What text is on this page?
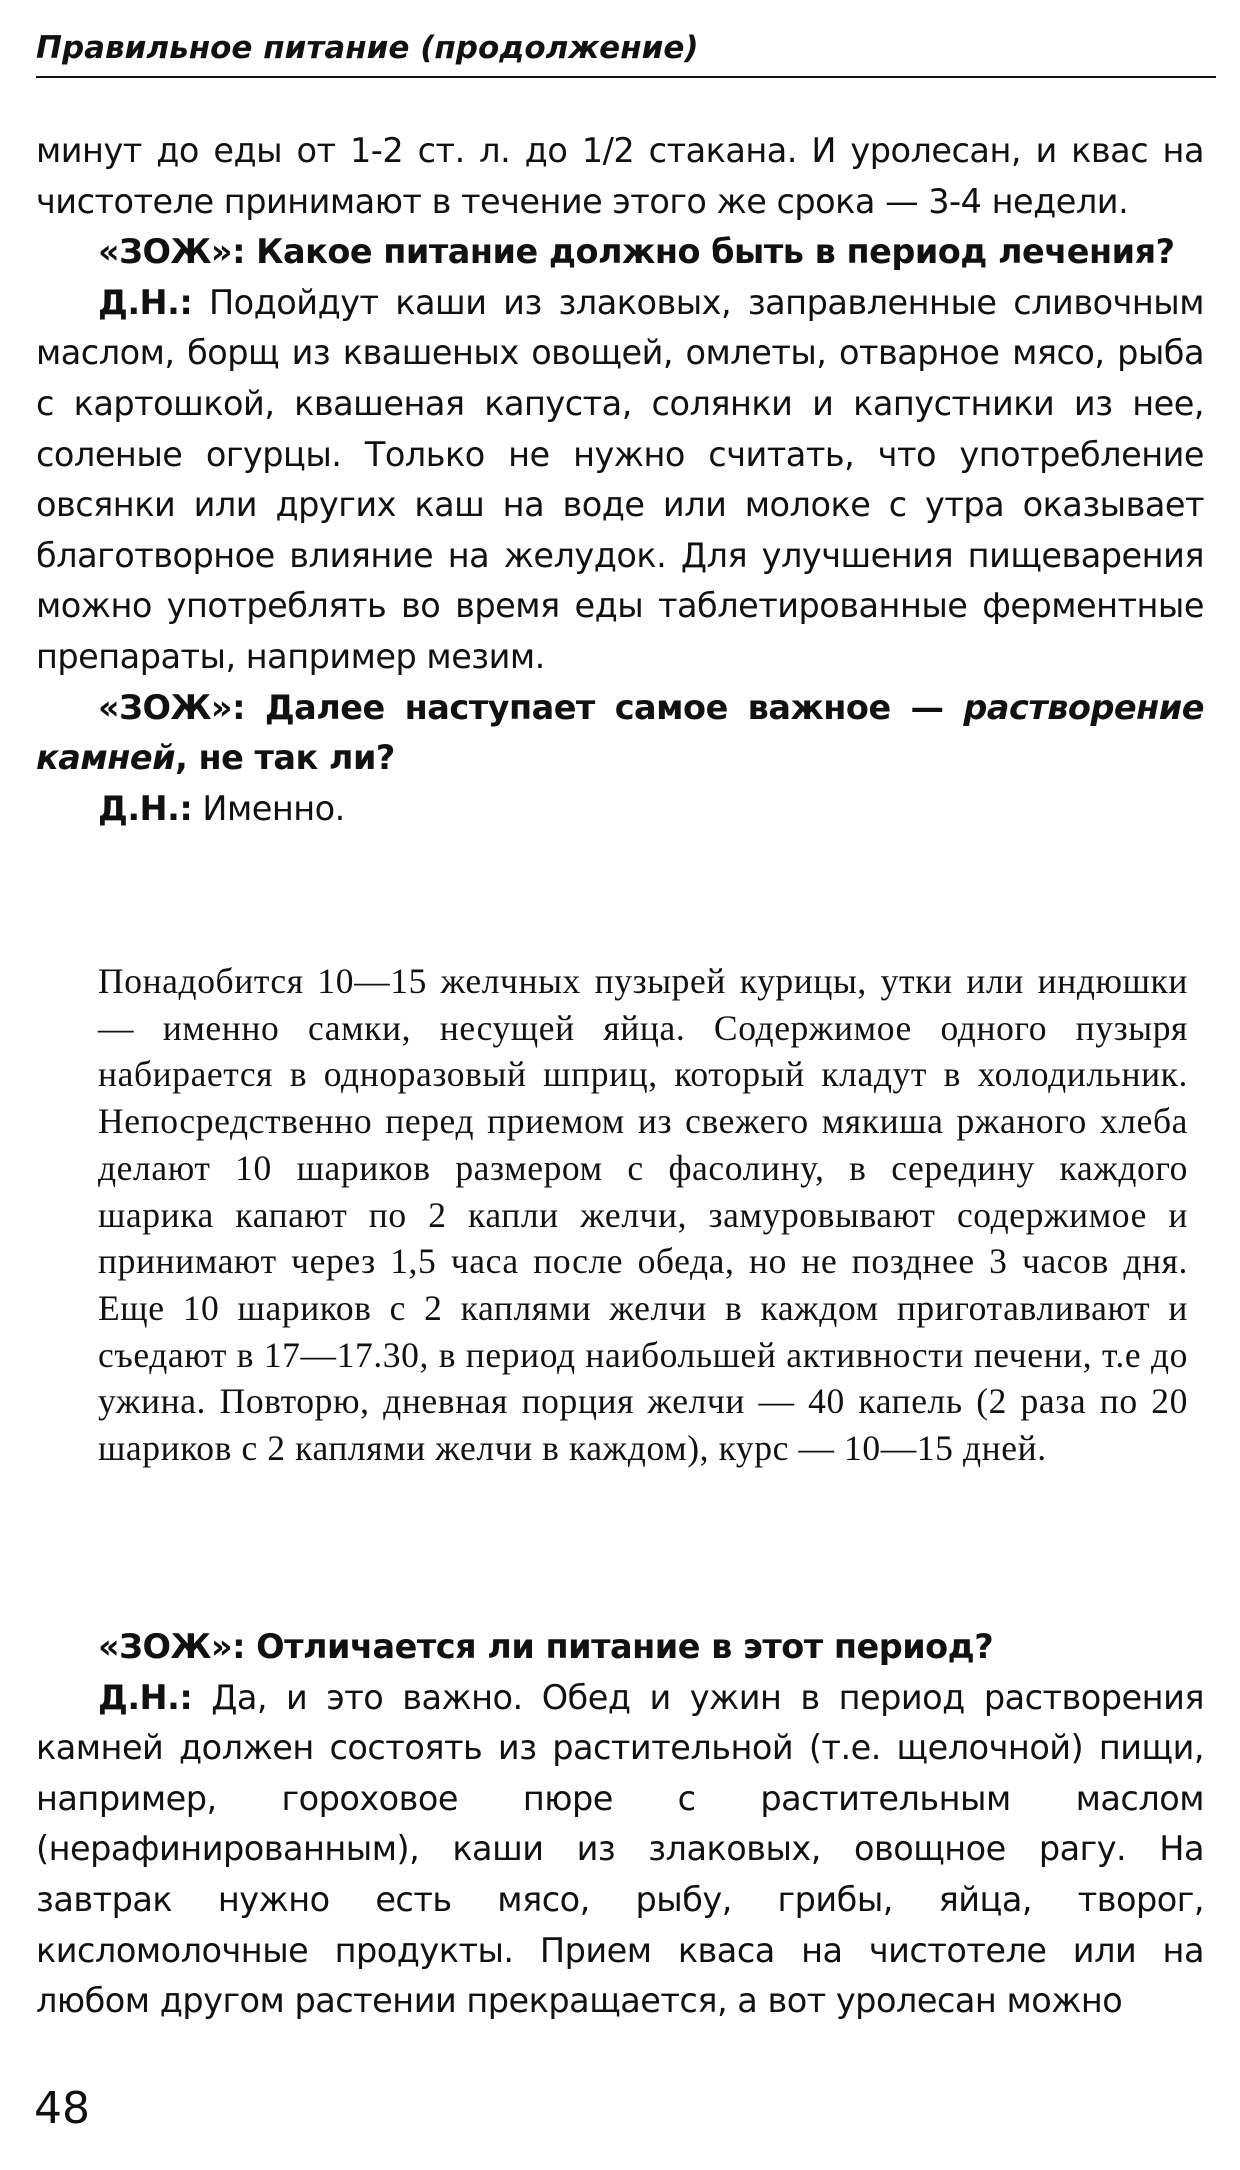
Правильное питание (продолжение)

минут до еды от 1-2 ст. л. до 1/2 стакана. И уролесан, и квас на чистотеле принимают в течение этого же срока — 3-4 недели.

«ЗОЖ»: Какое питание должно быть в период лечения?

Д.Н.: Подойдут каши из злаковых, заправленные сливочным маслом, борщ из квашеных овощей, омлеты, отварное мясо, рыба с картошкой, квашеная капуста, солянки и капустники из нее, соленые огурцы. Только не нужно считать, что употребление овсянки или других каш на воде или молоке с утра оказывает благотворное влияние на желудок. Для улучшения пищеварения можно употреблять во время еды таблетированные ферментные препараты, например мезим.

«ЗОЖ»: Далее наступает самое важное — растворение камней, не так ли?

Д.Н.: Именно.

Понадобится 10—15 желчных пузырей курицы, утки или индюшки — именно самки, несущей яйца. Содержимое одного пузыря набирается в одноразовый шприц, который кладут в холодильник. Непосредственно перед приемом из свежего мякиша ржаного хлеба делают 10 шариков размером с фасолину, в середину каждого шарика капают по 2 капли желчи, замуровывают содержимое и принимают через 1,5 часа после обеда, но не позднее 3 часов дня. Еще 10 шариков с 2 каплями желчи в каждом приготавливают и съедают в 17—17.30, в период наибольшей активности печени, т.е до ужина. Повторю, дневная порция желчи — 40 капель (2 раза по 20 шариков с 2 каплями желчи в каждом), курс — 10—15 дней.

«ЗОЖ»: Отличается ли питание в этот период?

Д.Н.: Да, и это важно. Обед и ужин в период растворения камней должен состоять из растительной (т.е. щелочной) пищи, например, гороховое пюре с растительным маслом (нерафинированным), каши из злаковых, овощное рагу. На завтрак нужно есть мясо, рыбу, грибы, яйца, творог, кисломолочные продукты. Прием кваса на чистотеле или на любом другом растении прекращается, а вот уролесан можно

48
